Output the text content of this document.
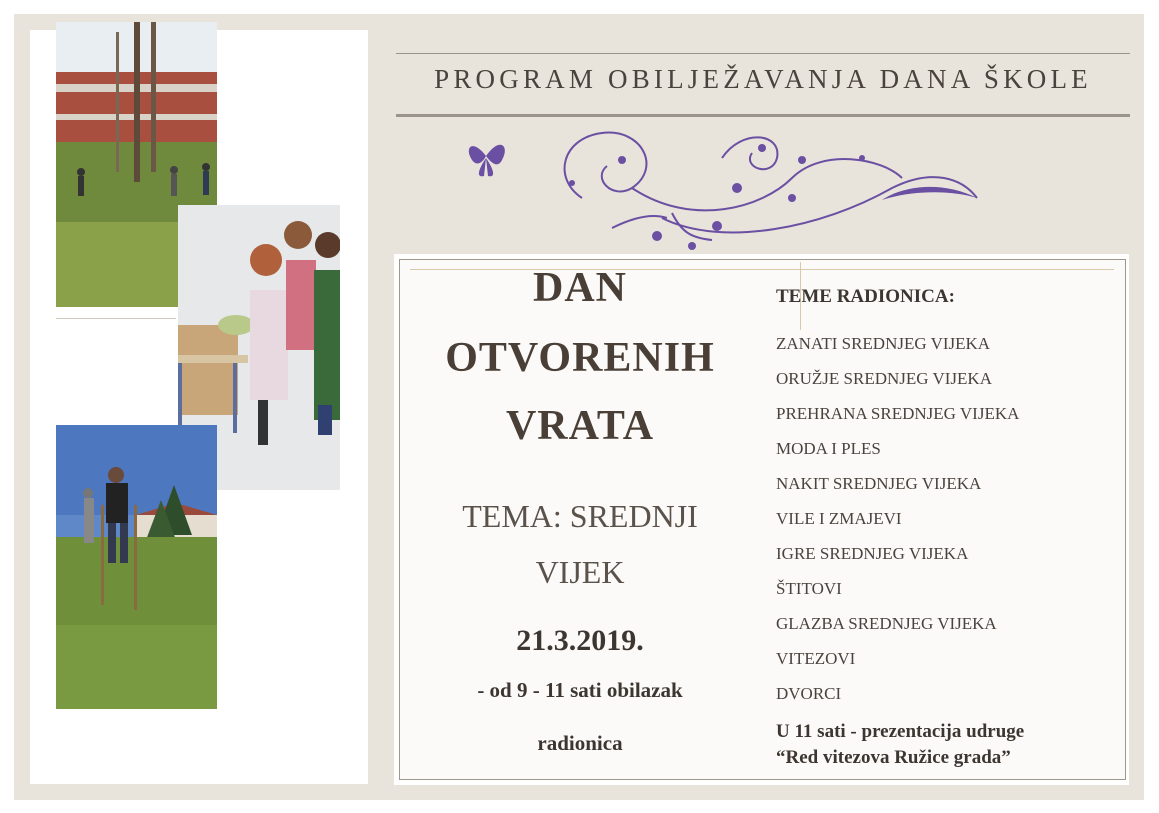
PROGRAM OBILJEŽAVANJA DANA ŠKOLE
DAN
OTVORENIH
VRATA
TEMA: SREDNJI
VIJEK
21.3.2019.
- od 9 - 11 sati obilazak
radionica
TEME RADIONICA:
ZANATI SREDNJEG VIJEKA
ORUŽJE SREDNJEG VIJEKA
PREHRANA SREDNJEG VIJEKA
MODA I PLES
NAKIT SREDNJEG VIJEKA
VILE I ZMAJEVI
IGRE SREDNJEG VIJEKA
ŠTITOVI
GLAZBA SREDNJEG VIJEKA
VITEZOVI
DVORCI
U 11 sati - prezentacija udruge
“Red vitezova Ružice grada”
